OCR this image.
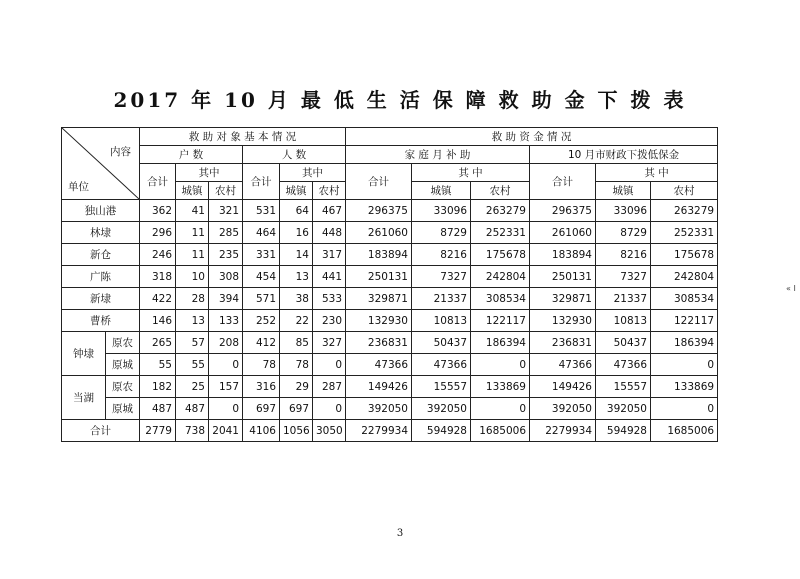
2017 年 10 月 最 低 生 活 保 障 救 助 金 下 拨 表
内容
单位		救 助 对 象 基 本 情 况						救 助 资 金 情 况					
		户 数			人 数			家 庭 月 补 助			10 月市财政下拨低保金		
		合计	其中		合计	其中		合计	其 中		合计	其 中	
			城镇	农村		城镇	农村		城镇	农村		城镇	农村
独山港		362	41	321	531	64	467	296375	33096	263279	296375	33096	263279
林埭		296	11	285	464	16	448	261060	8729	252331	261060	8729	252331
新仓		246	11	235	331	14	317	183894	8216	175678	183894	8216	175678
广陈		318	10	308	454	13	441	250131	7327	242804	250131	7327	242804
新埭		422	28	394	571	38	533	329871	21337	308534	329871	21337	308534
曹桥		146	13	133	252	22	230	132930	10813	122117	132930	10813	122117
钟埭	原农	265	57	208	412	85	327	236831	50437	186394	236831	50437	186394
	原城	55	55	0	78	78	0	47366	47366	0	47366	47366	0
当湖	原农	182	25	157	316	29	287	149426	15557	133869	149426	15557	133869
	原城	487	487	0	697	697	0	392050	392050	0	392050	392050	0
合计		2779	738	2041	4106	1056	3050	2279934	594928	1685006	2279934	594928	1685006
3
« I
